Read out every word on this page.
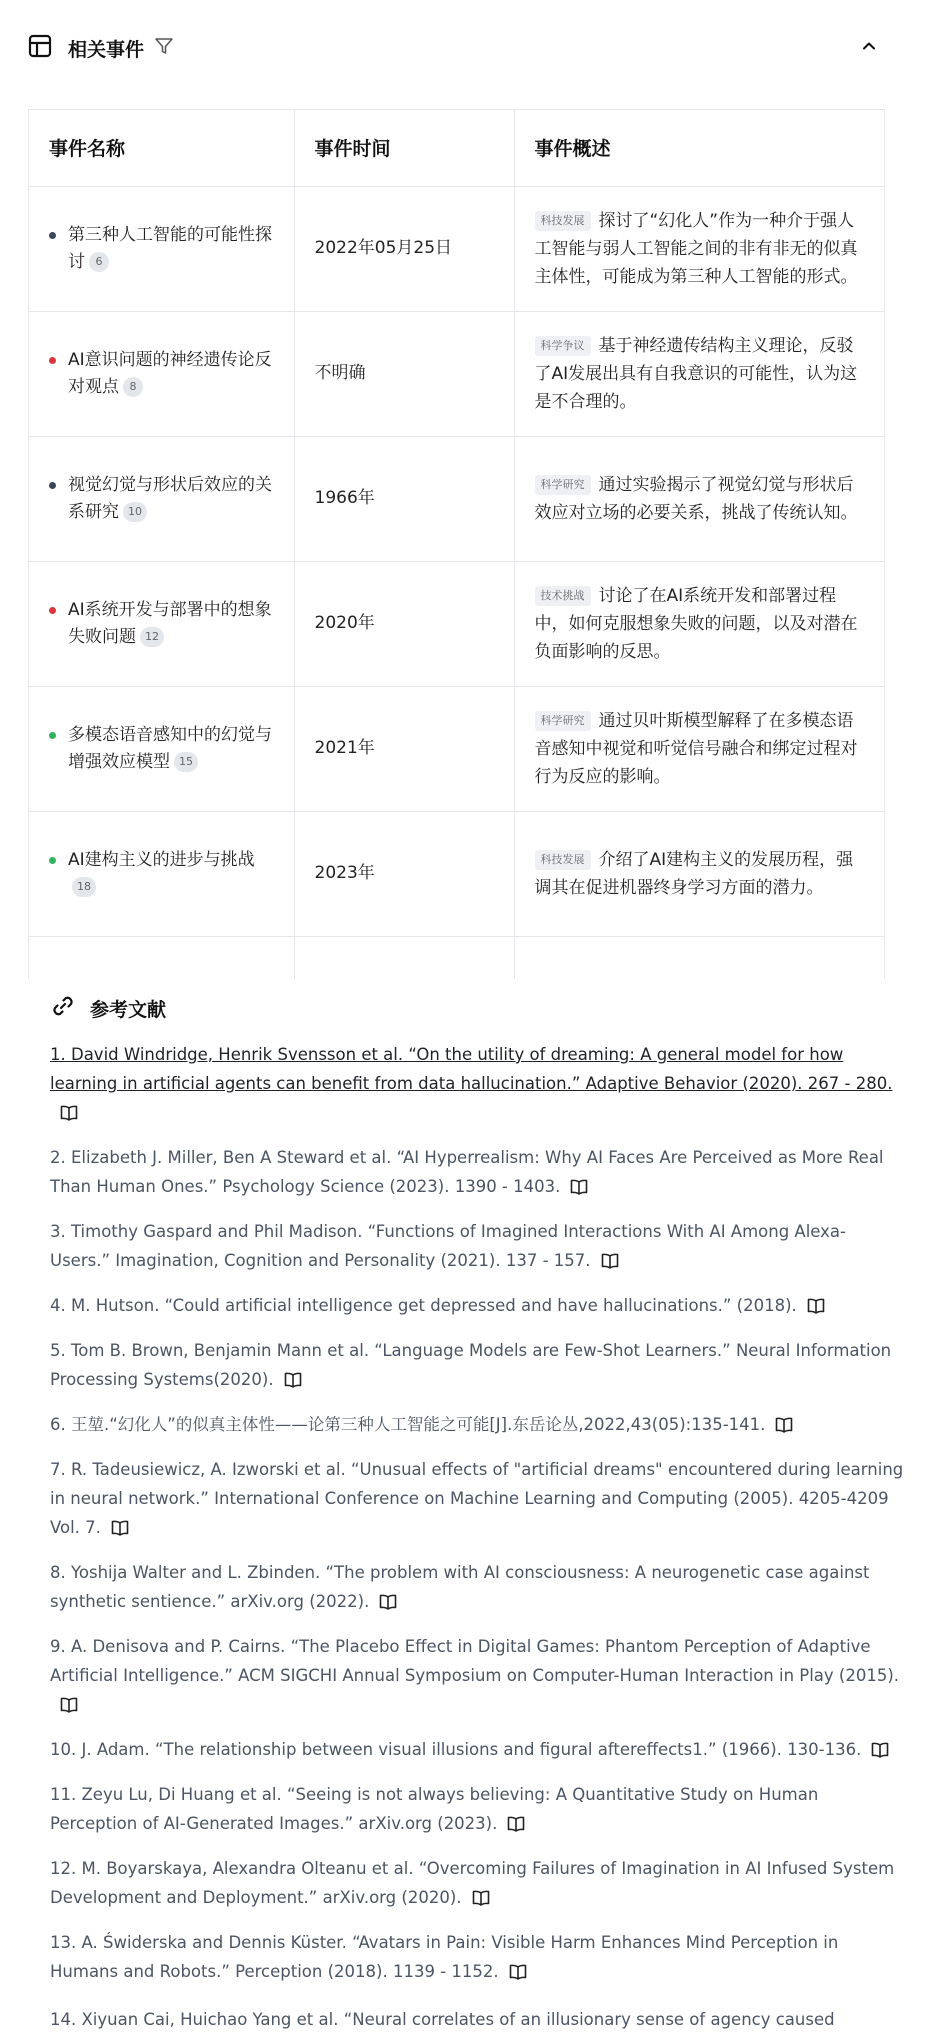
相关事件
事件名称	事件时间	事件概述

第三种人工智能的可能性探讨 6	2022年05月25日	科技发展 探讨了“幻化人”作为一种介于强人工智能与弱人工智能之间的非有非无的似真主体性，可能成为第三种人工智能的形式。

AI意识问题的神经遗传论反对观点 8	不明确	科学争议 基于神经遗传结构主义理论，反驳了AI发展出具有自我意识的可能性，认为这是不合理的。

视觉幻觉与形状后效应的关系研究 10	1966年	科学研究 通过实验揭示了视觉幻觉与形状后效应对立场的必要关系，挑战了传统认知。

AI系统开发与部署中的想象失败问题 12	2020年	技术挑战 讨论了在AI系统开发和部署过程中，如何克服想象失败的问题，以及对潜在负面影响的反思。

多模态语音感知中的幻觉与增强效应模型 15	2021年	科学研究 通过贝叶斯模型解释了在多模态语音感知中视觉和听觉信号融合和绑定过程对行为反应的影响。

AI建构主义的进步与挑战18	2023年	科技发展 介绍了AI建构主义的发展历程，强调其在促进机器终身学习方面的潜力。

参考文献
1. David Windridge, Henrik Svensson et al. “On the utility of dreaming: A general model for how learning in artificial agents can benefit from data hallucination.” Adaptive Behavior (2020). 267 - 280.
2. Elizabeth J. Miller, Ben A Steward et al. “AI Hyperrealism: Why AI Faces Are Perceived as More Real Than Human Ones.” Psychology Science (2023). 1390 - 1403.
3. Timothy Gaspard and Phil Madison. “Functions of Imagined Interactions With AI Among Alexa-Users.” Imagination, Cognition and Personality (2021). 137 - 157.
4. M. Hutson. “Could artificial intelligence get depressed and have hallucinations.” (2018).
5. Tom B. Brown, Benjamin Mann et al. “Language Models are Few-Shot Learners.” Neural Information Processing Systems(2020).
6. 王堃.“幻化人”的似真主体性——论第三种人工智能之可能[J].东岳论丛,2022,43(05):135-141.
7. R. Tadeusiewicz, A. Izworski et al. “Unusual effects of "artificial dreams" encountered during learning in neural network.” International Conference on Machine Learning and Computing (2005). 4205-4209 Vol. 7.
8. Yoshija Walter and L. Zbinden. “The problem with AI consciousness: A neurogenetic case against synthetic sentience.” arXiv.org (2022).
9. A. Denisova and P. Cairns. “The Placebo Effect in Digital Games: Phantom Perception of Adaptive Artificial Intelligence.” ACM SIGCHI Annual Symposium on Computer-Human Interaction in Play (2015).
10. J. Adam. “The relationship between visual illusions and figural aftereffects1.” (1966). 130-136.
11. Zeyu Lu, Di Huang et al. “Seeing is not always believing: A Quantitative Study on Human Perception of AI-Generated Images.” arXiv.org (2023).
12. M. Boyarskaya, Alexandra Olteanu et al. “Overcoming Failures of Imagination in AI Infused System Development and Deployment.” arXiv.org (2020).
13. A. Świderska and Dennis Küster. “Avatars in Pain: Visible Harm Enhances Mind Perception in Humans and Robots.” Perception (2018). 1139 - 1152.
14. Xiyuan Cai, Huichao Yang et al. “Neural correlates of an illusionary sense of agency caused
